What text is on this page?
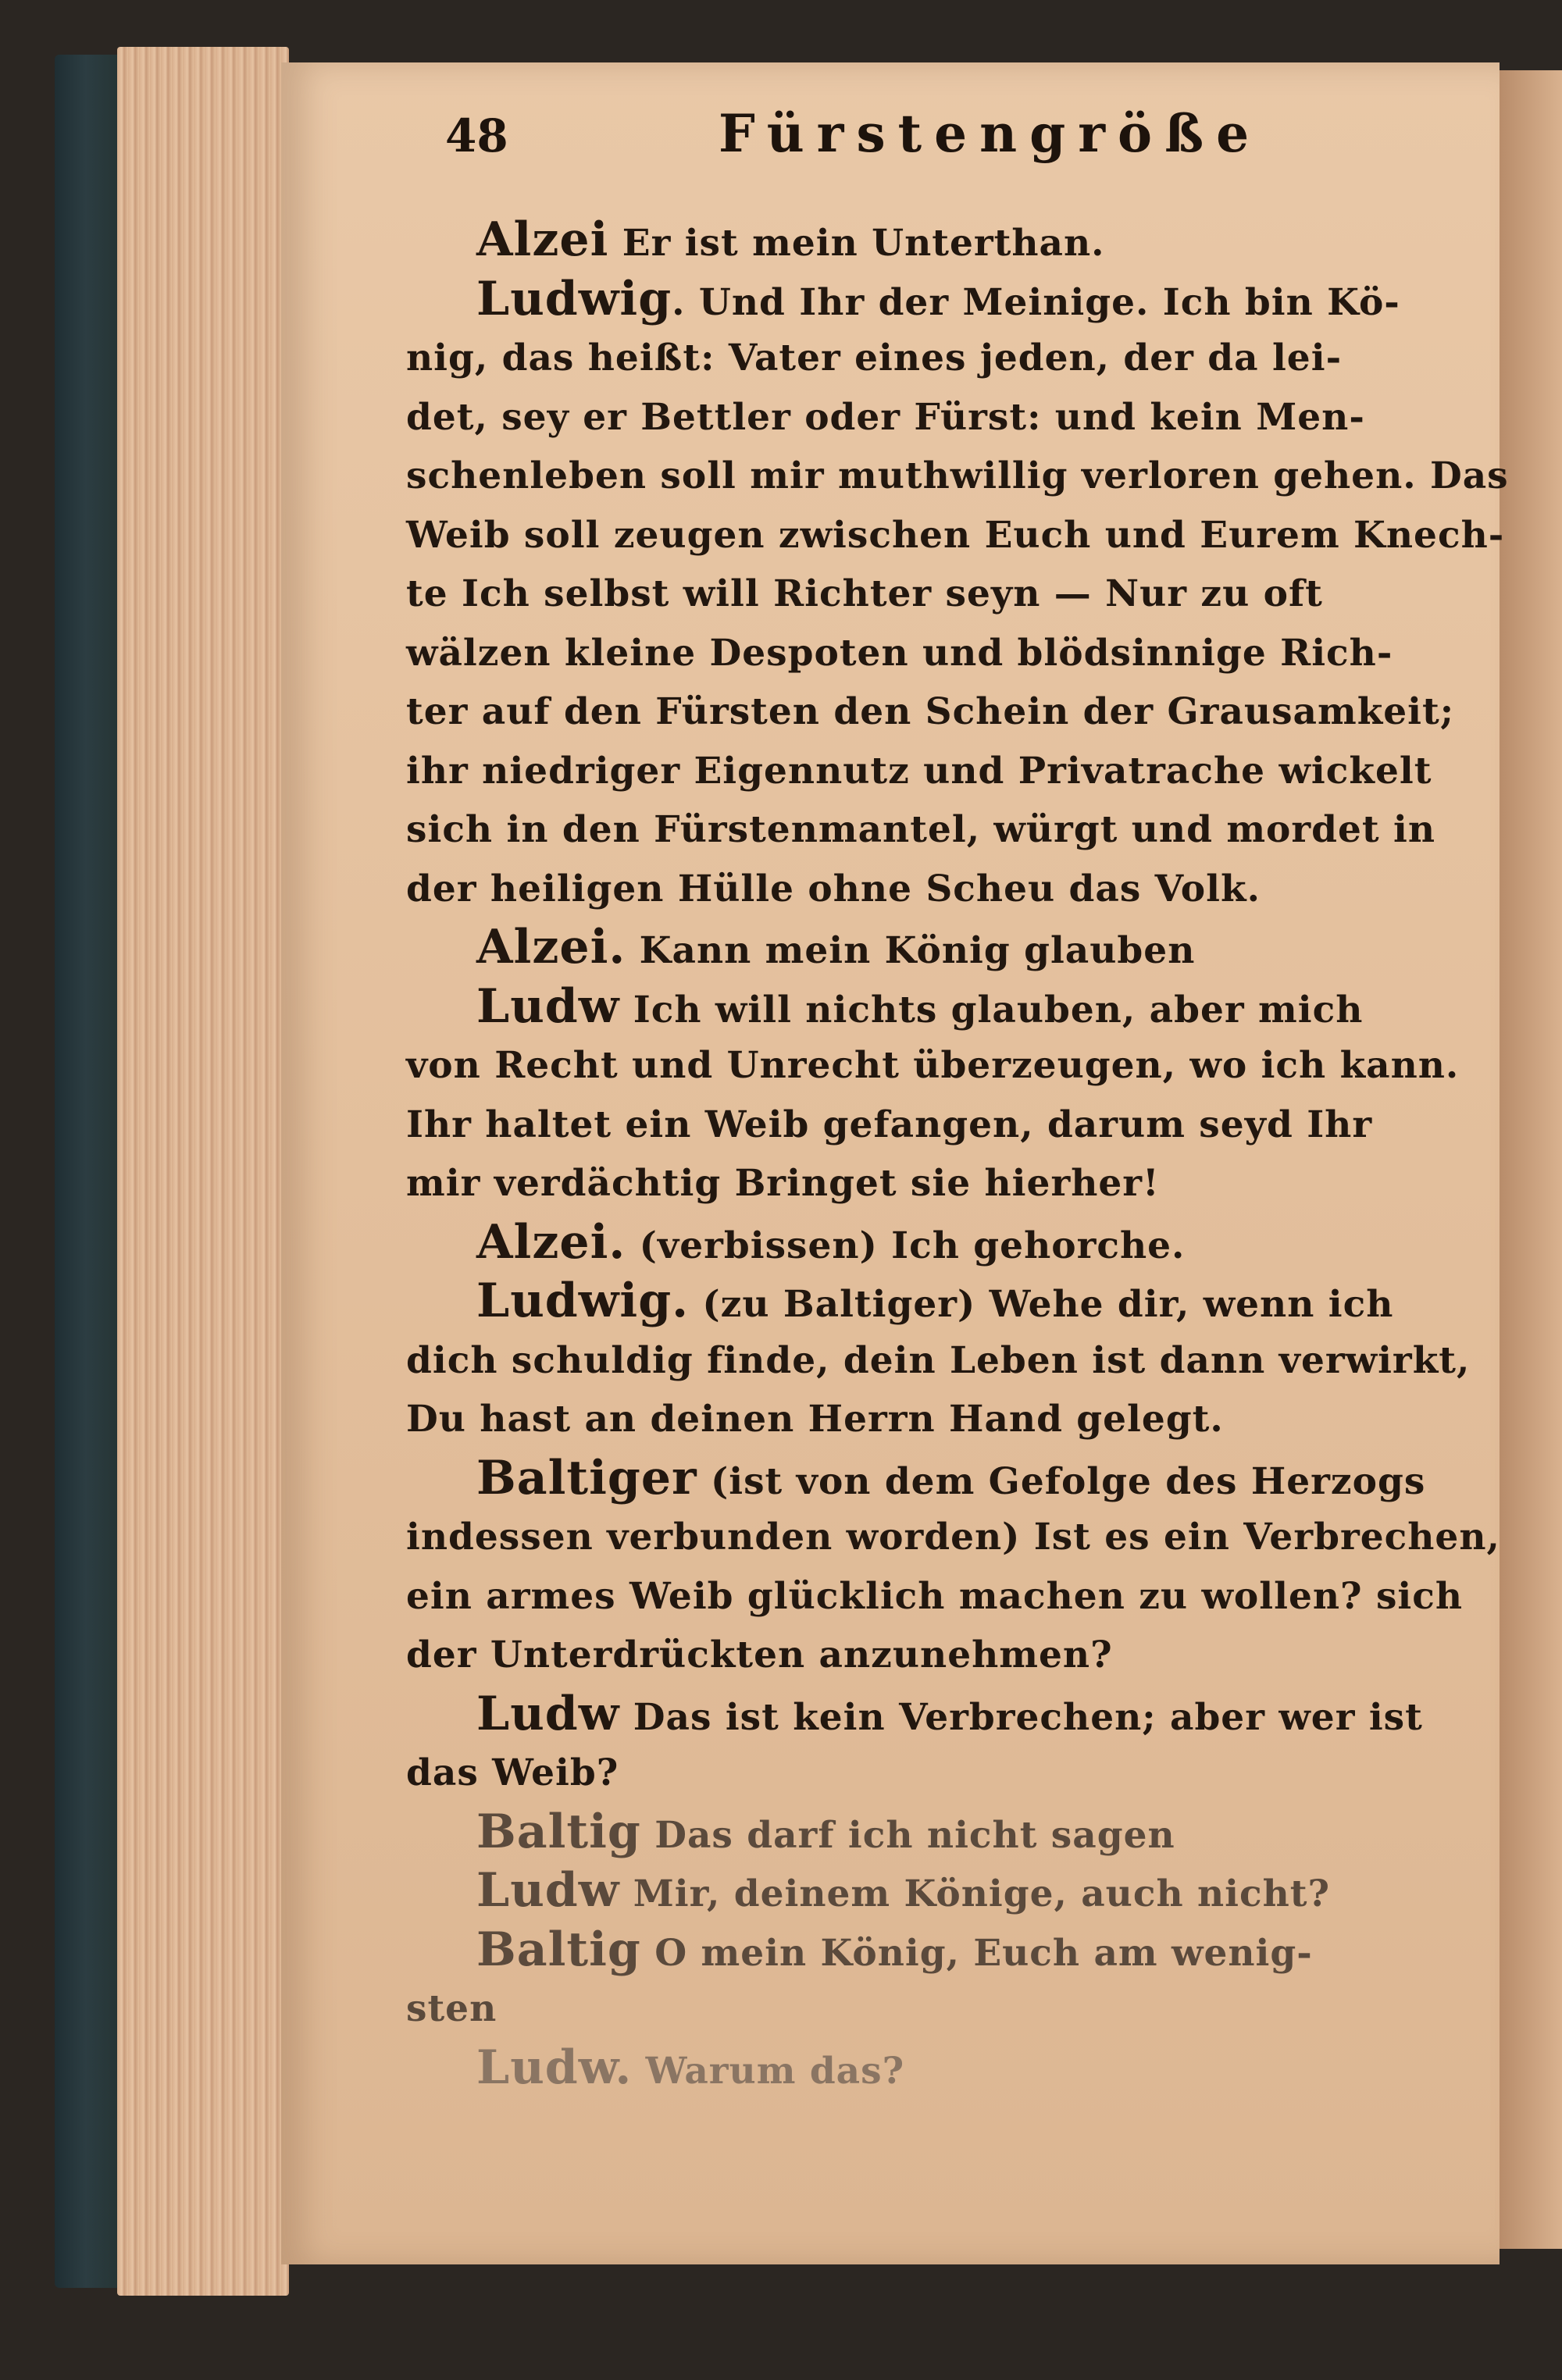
48	Fürstengröße
Alzei Er ist mein Unterthan.
Ludwig. Und Ihr der Meinige. Ich bin Kö-
nig, das heißt: Vater eines jeden, der da lei-
det, sey er Bettler oder Fürst: und kein Men-
schenleben soll mir muthwillig verloren gehen. Das
Weib soll zeugen zwischen Euch und Eurem Knech-
te Ich selbst will Richter seyn — Nur zu oft
wälzen kleine Despoten und blödsinnige Rich-
ter auf den Fürsten den Schein der Grausamkeit;
ihr niedriger Eigennutz und Privatrache wickelt
sich in den Fürstenmantel, würgt und mordet in
der heiligen Hülle ohne Scheu das Volk.
Alzei. Kann mein König glauben
Ludw Ich will nichts glauben, aber mich
von Recht und Unrecht überzeugen, wo ich kann.
Ihr haltet ein Weib gefangen, darum seyd Ihr
mir verdächtig Bringet sie hierher!
Alzei. (verbissen) Ich gehorche.
Ludwig. (zu Baltiger) Wehe dir, wenn ich
dich schuldig finde, dein Leben ist dann verwirkt,
Du hast an deinen Herrn Hand gelegt.
Baltiger (ist von dem Gefolge des Herzogs
indessen verbunden worden) Ist es ein Verbrechen,
ein armes Weib glücklich machen zu wollen? sich
der Unterdrückten anzunehmen?
Ludw Das ist kein Verbrechen; aber wer ist
das Weib?
Baltig Das darf ich nicht sagen
Ludw Mir, deinem Könige, auch nicht?
Baltig O mein König, Euch am wenig-
sten
Ludw. Warum das?
